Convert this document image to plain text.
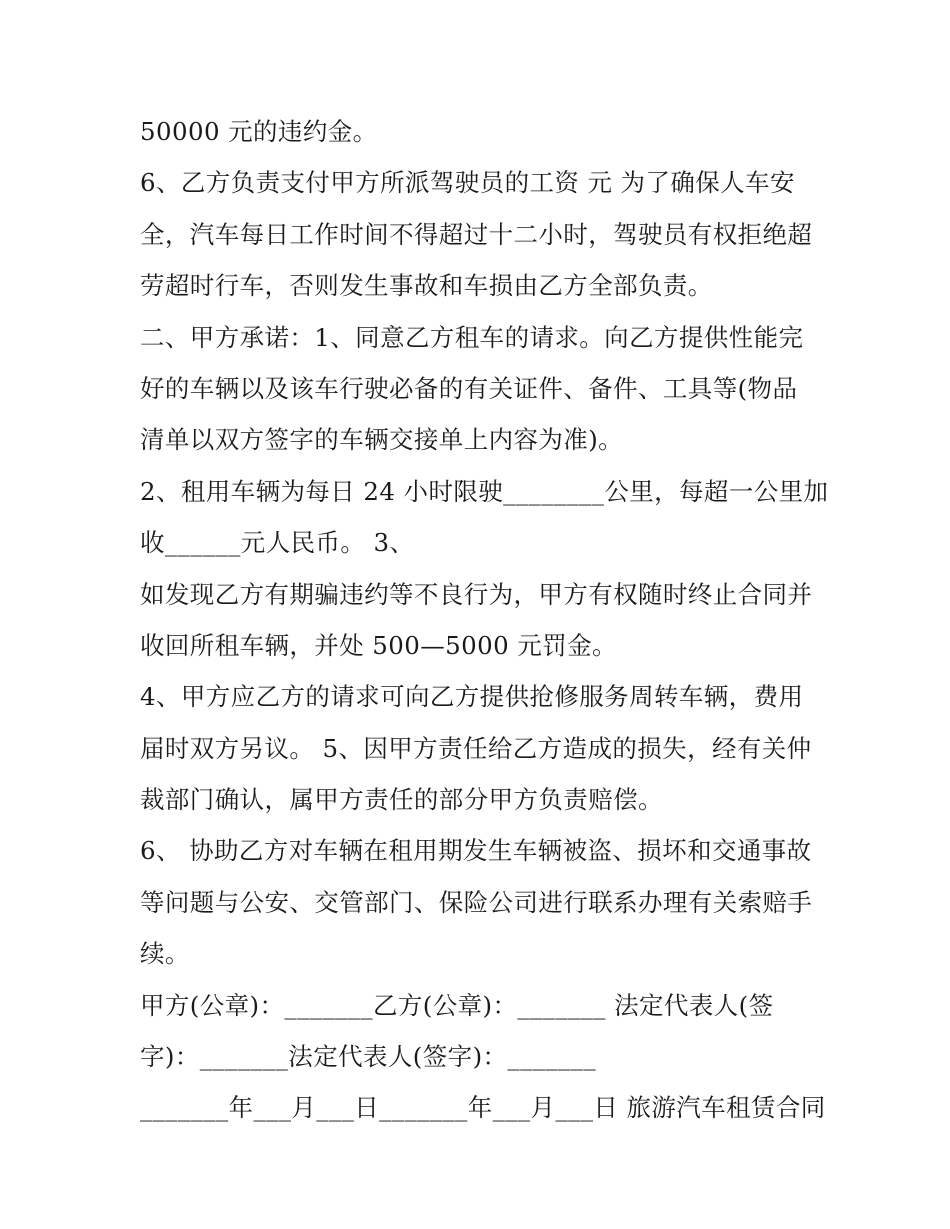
50000 元的违约金。
6、乙方负责支付甲方所派驾驶员的工资 元 为了确保人车安
全，汽车每日工作时间不得超过十二小时，驾驶员有权拒绝超
劳超时行车，否则发生事故和车损由乙方全部负责。
二、甲方承诺：1、同意乙方租车的请求。向乙方提供性能完
好的车辆以及该车行驶必备的有关证件、备件、工具等(物品
清单以双方签字的车辆交接单上内容为准)。
2、租用车辆为每日 24 小时限驶________公里，每超一公里加
收______元人民币。 3、
如发现乙方有期骗违约等不良行为，甲方有权随时终止合同并
收回所租车辆，并处 500—5000 元罚金。
4、甲方应乙方的请求可向乙方提供抢修服务周转车辆，费用
届时双方另议。 5、因甲方责任给乙方造成的损失，经有关仲
裁部门确认，属甲方责任的部分甲方负责赔偿。
6、 协助乙方对车辆在租用期发生车辆被盗、损坏和交通事故
等问题与公安、交管部门、保险公司进行联系办理有关索赔手
续。
甲方(公章)：_______乙方(公章)：_______ 法定代表人(签
字)：_______法定代表人(签字)：_______
_______年___月___日_______年___月___日 旅游汽车租赁合同
